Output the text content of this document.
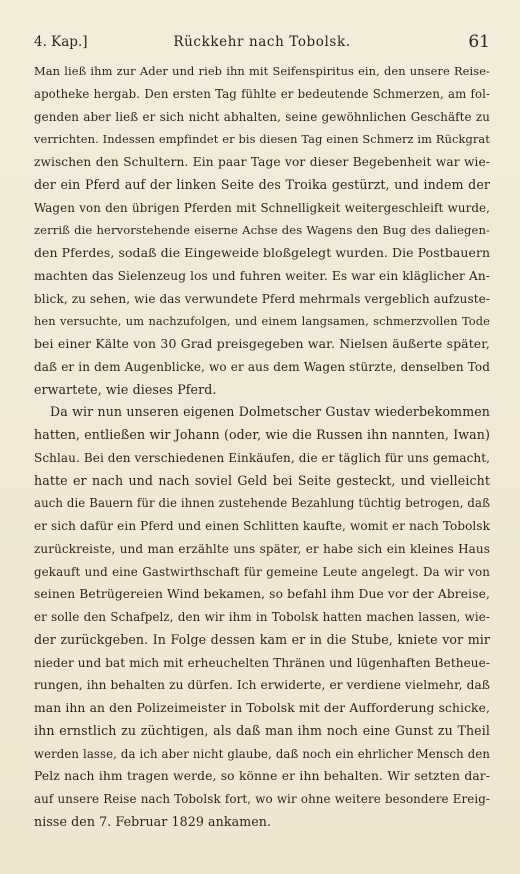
4. Kap.]	Rückkehr nach Tobolsk.	61
Man ließ ihm zur Ader und rieb ihn mit Seifenspiritus ein, den unsere Reise-
apotheke hergab. Den ersten Tag fühlte er bedeutende Schmerzen, am fol-
genden aber ließ er sich nicht abhalten, seine gewöhnlichen Geschäfte zu
verrichten. Indessen empfindet er bis diesen Tag einen Schmerz im Rückgrat
zwischen den Schultern. Ein paar Tage vor dieser Begebenheit war wie-
der ein Pferd auf der linken Seite des Troika gestürzt, und indem der
Wagen von den übrigen Pferden mit Schnelligkeit weitergeschleift wurde,
zerriß die hervorstehende eiserne Achse des Wagens den Bug des daliegen-
den Pferdes, sodaß die Eingeweide bloßgelegt wurden. Die Postbauern
machten das Sielenzeug los und fuhren weiter. Es war ein kläglicher An-
blick, zu sehen, wie das verwundete Pferd mehrmals vergeblich aufzuste-
hen versuchte, um nachzufolgen, und einem langsamen, schmerzvollen Tode
bei einer Kälte von 30 Grad preisgegeben war. Nielsen äußerte später,
daß er in dem Augenblicke, wo er aus dem Wagen stürzte, denselben Tod
erwartete, wie dieses Pferd.
Da wir nun unseren eigenen Dolmetscher Gustav wiederbekommen
hatten, entließen wir Johann (oder, wie die Russen ihn nannten, Iwan)
Schlau. Bei den verschiedenen Einkäufen, die er täglich für uns gemacht,
hatte er nach und nach soviel Geld bei Seite gesteckt, und vielleicht
auch die Bauern für die ihnen zustehende Bezahlung tüchtig betrogen, daß
er sich dafür ein Pferd und einen Schlitten kaufte, womit er nach Tobolsk
zurückreiste, und man erzählte uns später, er habe sich ein kleines Haus
gekauft und eine Gastwirthschaft für gemeine Leute angelegt. Da wir von
seinen Betrügereien Wind bekamen, so befahl ihm Due vor der Abreise,
er solle den Schafpelz, den wir ihm in Tobolsk hatten machen lassen, wie-
der zurückgeben. In Folge dessen kam er in die Stube, kniete vor mir
nieder und bat mich mit erheuchelten Thränen und lügenhaften Betheue-
rungen, ihn behalten zu dürfen. Ich erwiderte, er verdiene vielmehr, daß
man ihn an den Polizeimeister in Tobolsk mit der Aufforderung schicke,
ihn ernstlich zu züchtigen, als daß man ihm noch eine Gunst zu Theil
werden lasse, da ich aber nicht glaube, daß noch ein ehrlicher Mensch den
Pelz nach ihm tragen werde, so könne er ihn behalten. Wir setzten dar-
auf unsere Reise nach Tobolsk fort, wo wir ohne weitere besondere Ereig-
nisse den 7. Februar 1829 ankamen.
